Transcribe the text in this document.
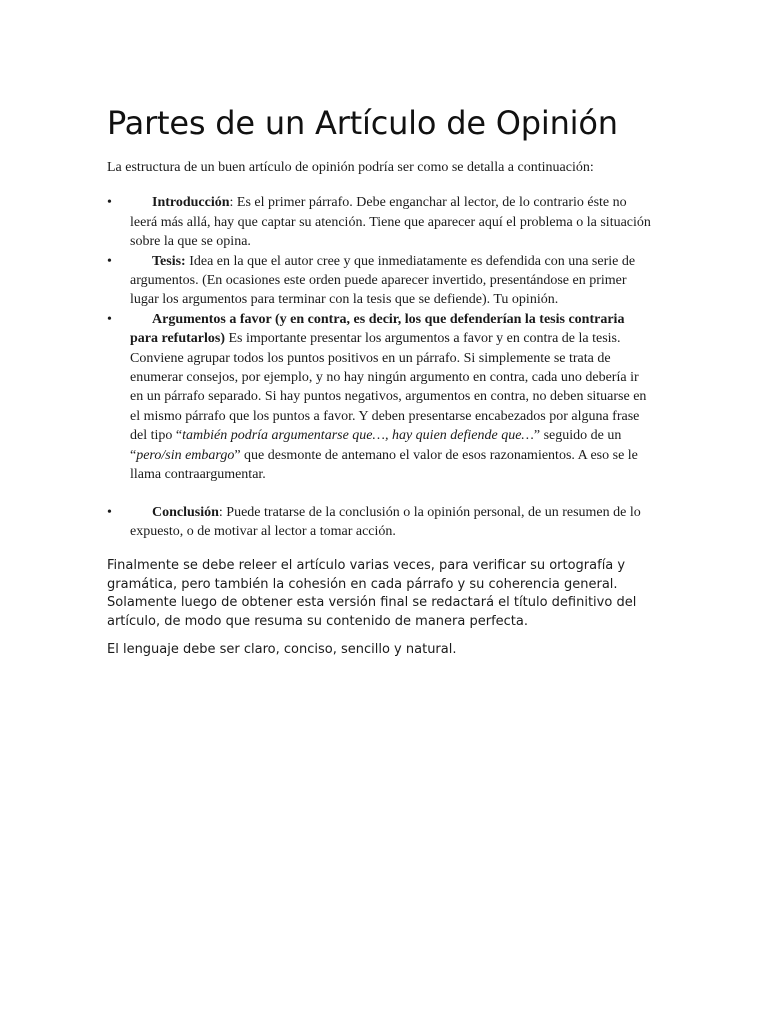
Partes de un Artículo de Opinión

La estructura de un buen artículo de opinión podría ser como se detalla a continuación:

•	Introducción: Es el primer párrafo. Debe enganchar al lector, de lo contrario éste no leerá más allá, hay que captar su atención. Tiene que aparecer aquí el problema o la situación sobre la que se opina.
•	Tesis: Idea en la que el autor cree y que inmediatamente es defendida con una serie de argumentos. (En ocasiones este orden puede aparecer invertido, presentándose en primer lugar los argumentos para terminar con la tesis que se defiende). Tu opinión.
•	Argumentos a favor (y en contra, es decir, los que defenderían la tesis contraria para refutarlos) Es importante presentar los argumentos a favor y en contra de la tesis. Conviene agrupar todos los puntos positivos en un párrafo. Si simplemente se trata de enumerar consejos, por ejemplo, y no hay ningún argumento en contra, cada uno debería ir en un párrafo separado. Si hay puntos negativos, argumentos en contra, no deben situarse en el mismo párrafo que los puntos a favor. Y deben presentarse encabezados por alguna frase del tipo “también podría argumentarse que…, hay quien defiende que…” seguido de un “pero/sin embargo” que desmonte de antemano el valor de esos razonamientos. A eso se le llama contraargumentar.
•	Conclusión: Puede tratarse de la conclusión o la opinión personal, de un resumen de lo expuesto, o de motivar al lector a tomar acción.

Finalmente se debe releer el artículo varias veces, para verificar su ortografía y gramática, pero también la cohesión en cada párrafo y su coherencia general. Solamente luego de obtener esta versión final se redactará el título definitivo del artículo, de modo que resuma su contenido de manera perfecta.

El lenguaje debe ser claro, conciso, sencillo y natural.
